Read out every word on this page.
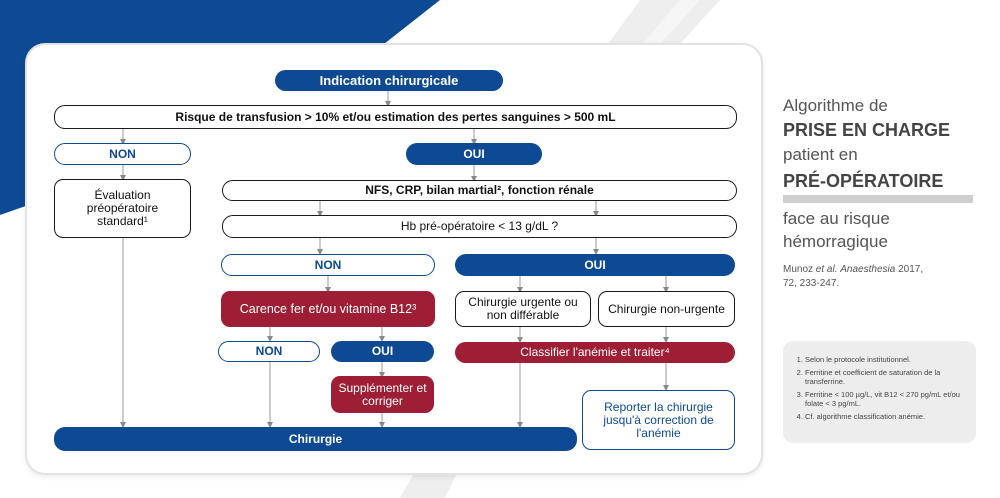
Indication chirurgicale
Risque de transfusion > 10% et/ou estimation des pertes sanguines > 500 mL
NON	OUI
Évaluation préopératoire standard¹
NFS, CRP, bilan martial², fonction rénale
Hb pré-opératoire < 13 g/dL ?
NON	OUI
Carence fer et/ou vitamine B12³
NON	OUI
Supplémenter et corriger
Chirurgie urgente ou non différable	Chirurgie non-urgente
Classifier l'anémie et traiter⁴
Reporter la chirurgie jusqu'à correction de l'anémie
Chirurgie
Algorithme de
PRISE EN CHARGE
patient en
PRÉ-OPÉRATOIRE
face au risque
hémorragique
Munoz et al. Anaesthesia 2017,
72, 233-247.
1. Selon le protocole institutionnel.
2. Ferritine et coefficient de saturation de la transferrine.
3. Ferritine < 100 µg/L, vit B12 < 270 pg/mL et/ou folate < 3 pg/mL.
4. Cf. algorithme classification anémie.
